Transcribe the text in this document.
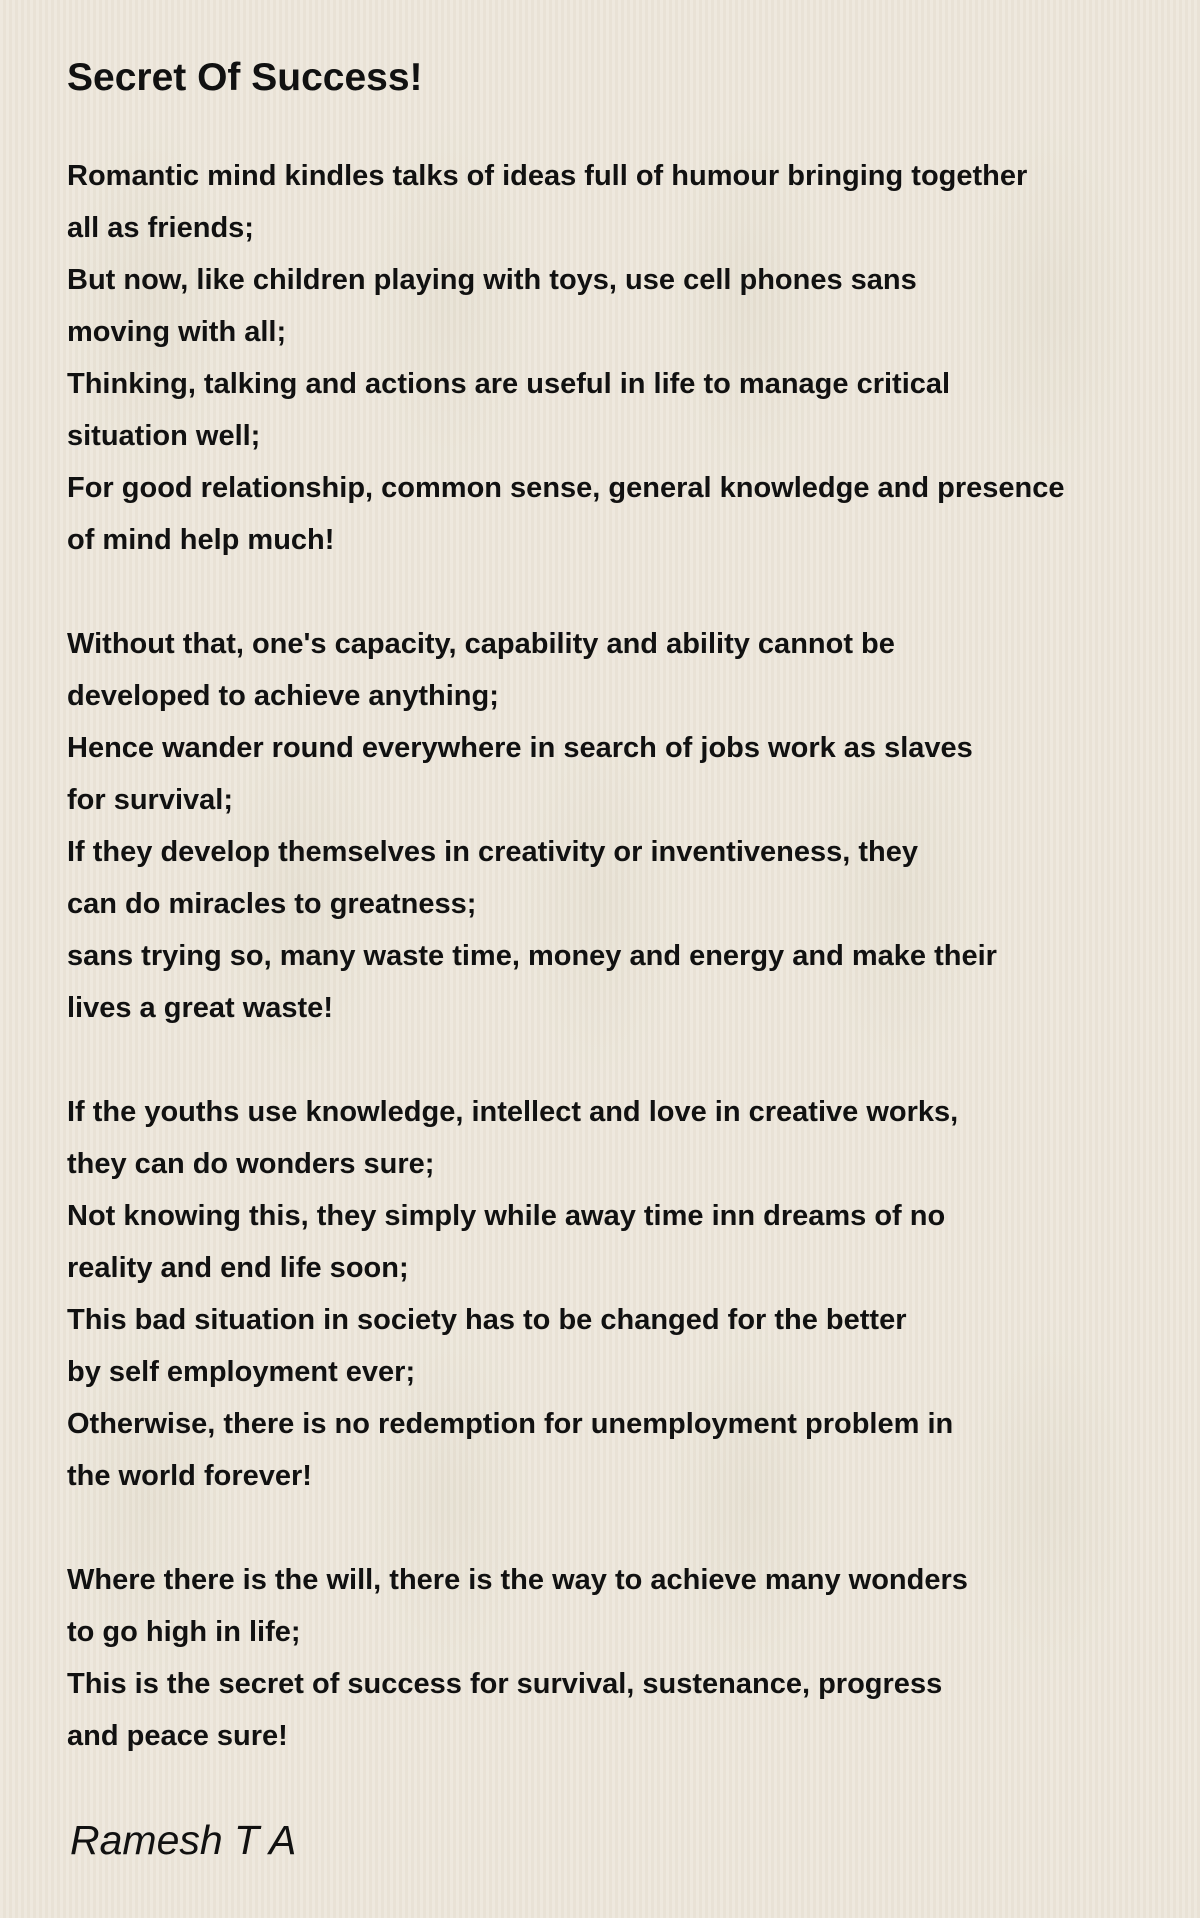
Secret Of Success!
Romantic mind kindles talks of ideas full of humour bringing together
all as friends;
But now, like children playing with toys, use cell phones sans
moving with all;
Thinking, talking and actions are useful in life to manage critical
situation well;
For good relationship, common sense, general knowledge and presence
of mind help much!
Without that, one's capacity, capability and ability cannot be
developed to achieve anything;
Hence wander round everywhere in search of jobs work as slaves
for survival;
If they develop themselves in creativity or inventiveness, they
can do miracles to greatness;
sans trying so, many waste time, money and energy and make their
lives a great waste!
If the youths use knowledge, intellect and love in creative works,
they can do wonders sure;
Not knowing this, they simply while away time inn dreams of no
reality and end life soon;
This bad situation in society has to be changed for the better
by self employment ever;
Otherwise, there is no redemption for unemployment problem in
the world forever!
Where there is the will, there is the way to achieve many wonders
to go high in life;
This is the secret of success for survival, sustenance, progress
and peace sure!
Ramesh T A
